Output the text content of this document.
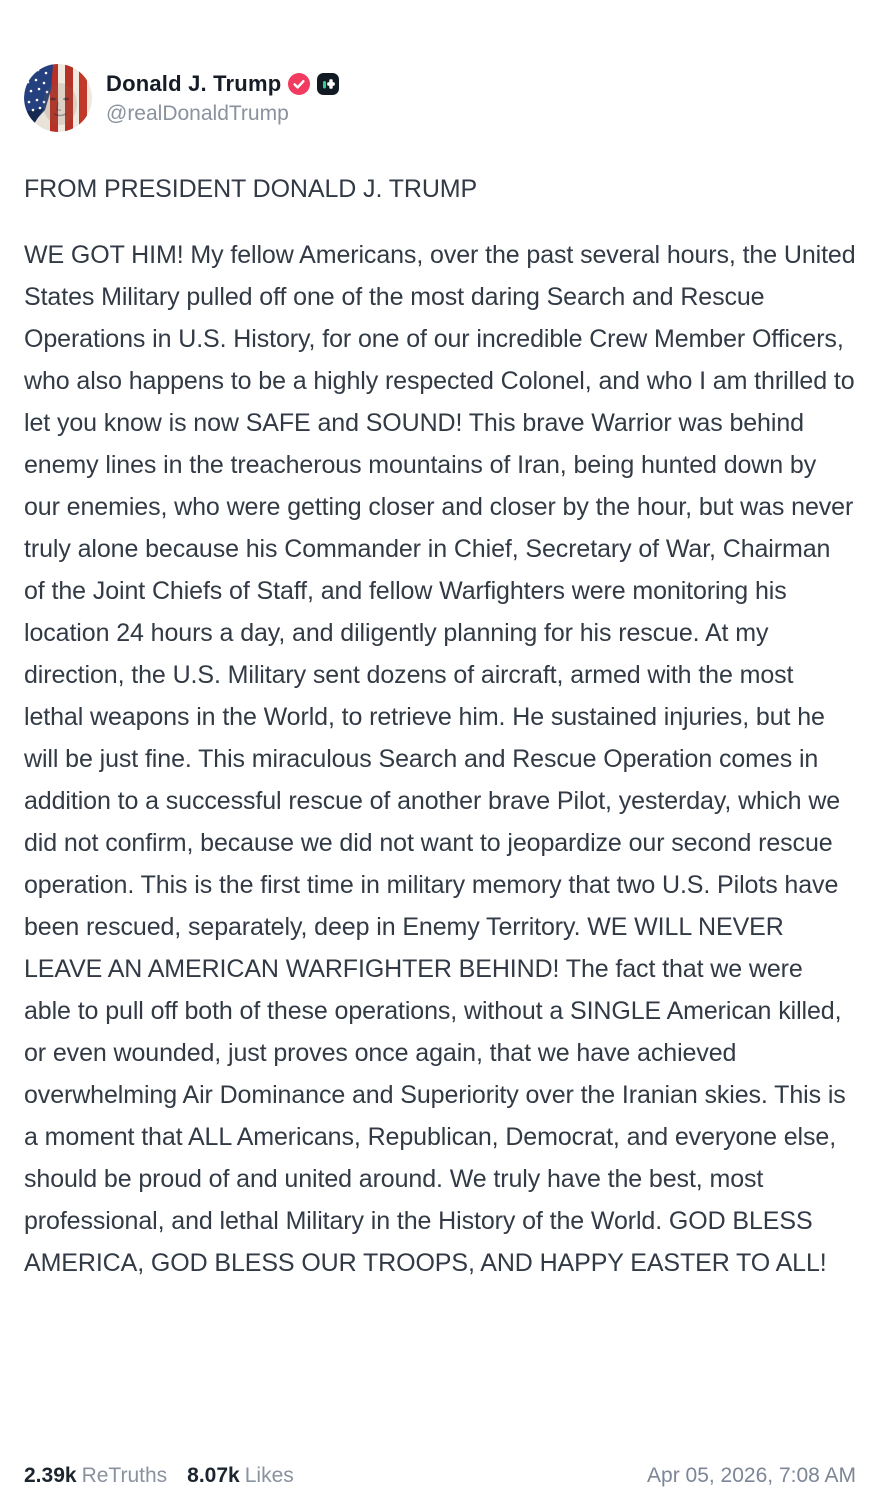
Donald J. Trump
@realDonaldTrump

FROM PRESIDENT DONALD J. TRUMP

WE GOT HIM! My fellow Americans, over the past several hours, the United States Military pulled off one of the most daring Search and Rescue Operations in U.S. History, for one of our incredible Crew Member Officers, who also happens to be a highly respected Colonel, and who I am thrilled to let you know is now SAFE and SOUND! This brave Warrior was behind enemy lines in the treacherous mountains of Iran, being hunted down by our enemies, who were getting closer and closer by the hour, but was never truly alone because his Commander in Chief, Secretary of War, Chairman of the Joint Chiefs of Staff, and fellow Warfighters were monitoring his location 24 hours a day, and diligently planning for his rescue. At my direction, the U.S. Military sent dozens of aircraft, armed with the most lethal weapons in the World, to retrieve him. He sustained injuries, but he will be just fine. This miraculous Search and Rescue Operation comes in addition to a successful rescue of another brave Pilot, yesterday, which we did not confirm, because we did not want to jeopardize our second rescue operation. This is the first time in military memory that two U.S. Pilots have been rescued, separately, deep in Enemy Territory. WE WILL NEVER LEAVE AN AMERICAN WARFIGHTER BEHIND! The fact that we were able to pull off both of these operations, without a SINGLE American killed, or even wounded, just proves once again, that we have achieved overwhelming Air Dominance and Superiority over the Iranian skies. This is a moment that ALL Americans, Republican, Democrat, and everyone else, should be proud of and united around. We truly have the best, most professional, and lethal Military in the History of the World. GOD BLESS AMERICA, GOD BLESS OUR TROOPS, AND HAPPY EASTER TO ALL!

2.39k ReTruths 8.07k Likes	Apr 05, 2026, 7:08 AM
